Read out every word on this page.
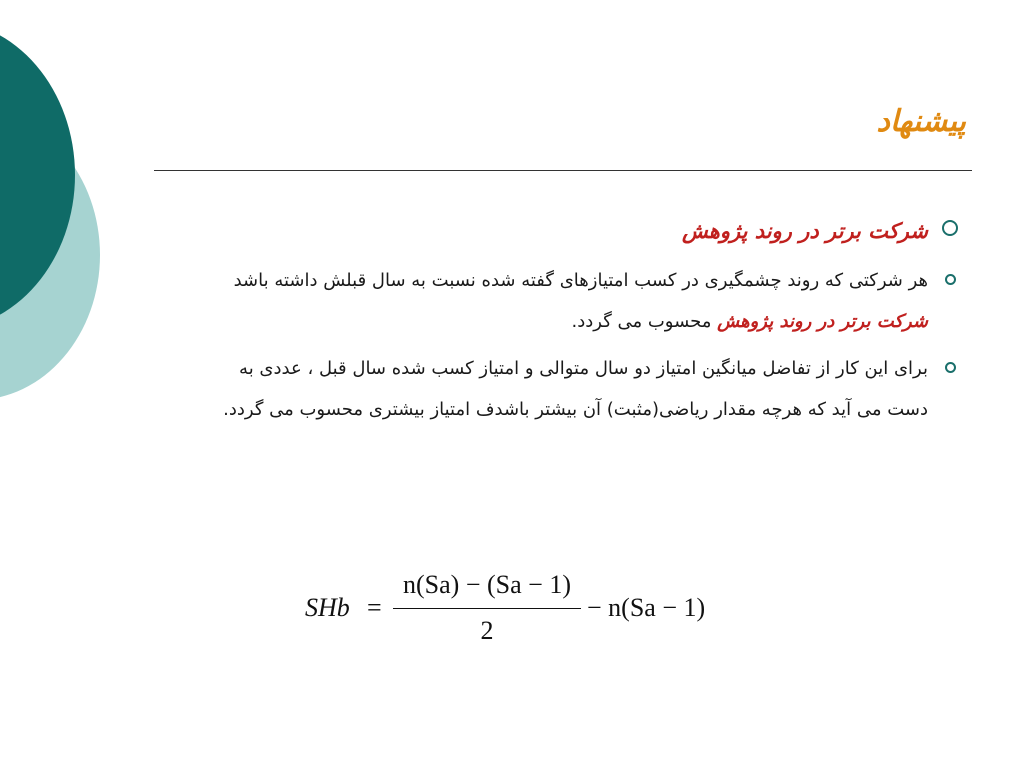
پیشنهاد
شرکت برتر در روند پژوهش
هر شرکتی که روند چشمگیری در کسب امتیازهای گفته شده نسبت به سال قبلش داشته باشد شرکت برتر در روند پژوهش محسوب می گردد.
برای این کار از تفاضل میانگین امتیاز دو سال متوالی و امتیاز کسب شده سال قبل ، عددی به دست می آید که هرچه مقدار ریاضی(مثبت) آن بیشتر باشدف امتیاز بیشتری محسوب می گردد.
SHb =
n(Sa) − (Sa − 1)
2
− n(Sa − 1)
